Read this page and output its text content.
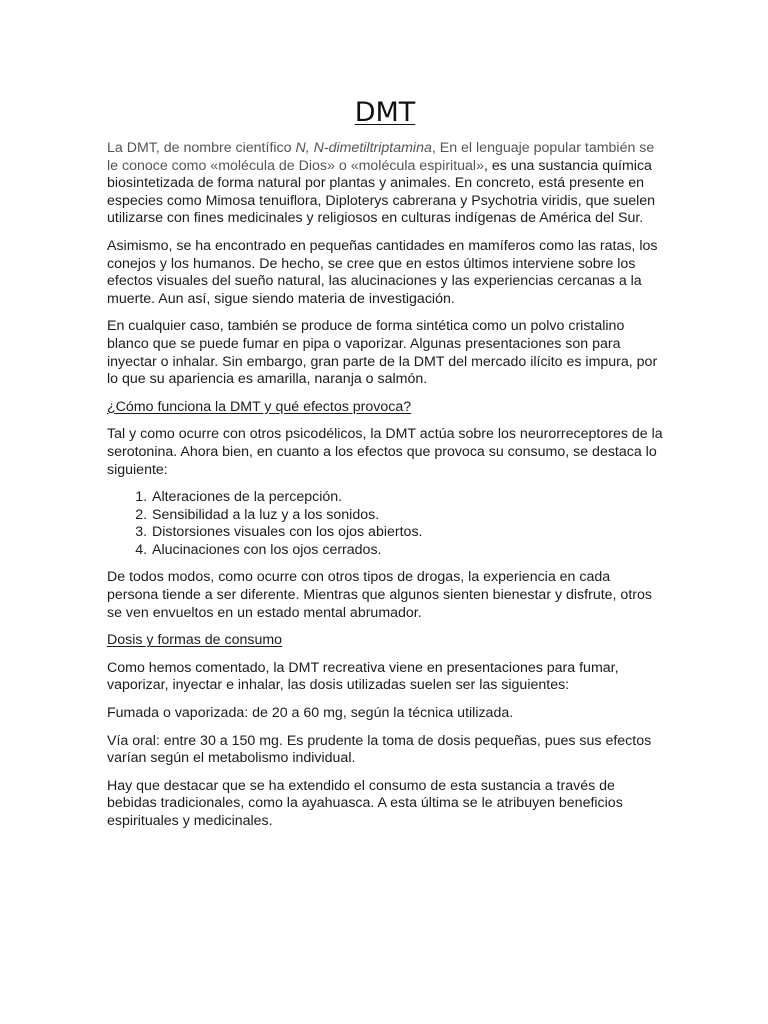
DMT

La DMT, de nombre científico N, N-dimetiltriptamina, En el lenguaje popular también se le conoce como «molécula de Dios» o «molécula espiritual», es una sustancia química biosintetizada de forma natural por plantas y animales. En concreto, está presente en especies como Mimosa tenuiflora, Diploterys cabrerana y Psychotria viridis, que suelen utilizarse con fines medicinales y religiosos en culturas indígenas de América del Sur.

Asimismo, se ha encontrado en pequeñas cantidades en mamíferos como las ratas, los conejos y los humanos. De hecho, se cree que en estos últimos interviene sobre los efectos visuales del sueño natural, las alucinaciones y las experiencias cercanas a la muerte. Aun así, sigue siendo materia de investigación.

En cualquier caso, también se produce de forma sintética como un polvo cristalino blanco que se puede fumar en pipa o vaporizar. Algunas presentaciones son para inyectar o inhalar. Sin embargo, gran parte de la DMT del mercado ilícito es impura, por lo que su apariencia es amarilla, naranja o salmón.

¿Cómo funciona la DMT y qué efectos provoca?

Tal y como ocurre con otros psicodélicos, la DMT actúa sobre los neurorreceptores de la serotonina. Ahora bien, en cuanto a los efectos que provoca su consumo, se destaca lo siguiente:

1. Alteraciones de la percepción.
2. Sensibilidad a la luz y a los sonidos.
3. Distorsiones visuales con los ojos abiertos.
4. Alucinaciones con los ojos cerrados.

De todos modos, como ocurre con otros tipos de drogas, la experiencia en cada persona tiende a ser diferente. Mientras que algunos sienten bienestar y disfrute, otros se ven envueltos en un estado mental abrumador.

Dosis y formas de consumo

Como hemos comentado, la DMT recreativa viene en presentaciones para fumar, vaporizar, inyectar e inhalar, las dosis utilizadas suelen ser las siguientes:

Fumada o vaporizada: de 20 a 60 mg, según la técnica utilizada.

Vía oral: entre 30 a 150 mg. Es prudente la toma de dosis pequeñas, pues sus efectos varían según el metabolismo individual.

Hay que destacar que se ha extendido el consumo de esta sustancia a través de bebidas tradicionales, como la ayahuasca. A esta última se le atribuyen beneficios espirituales y medicinales.
